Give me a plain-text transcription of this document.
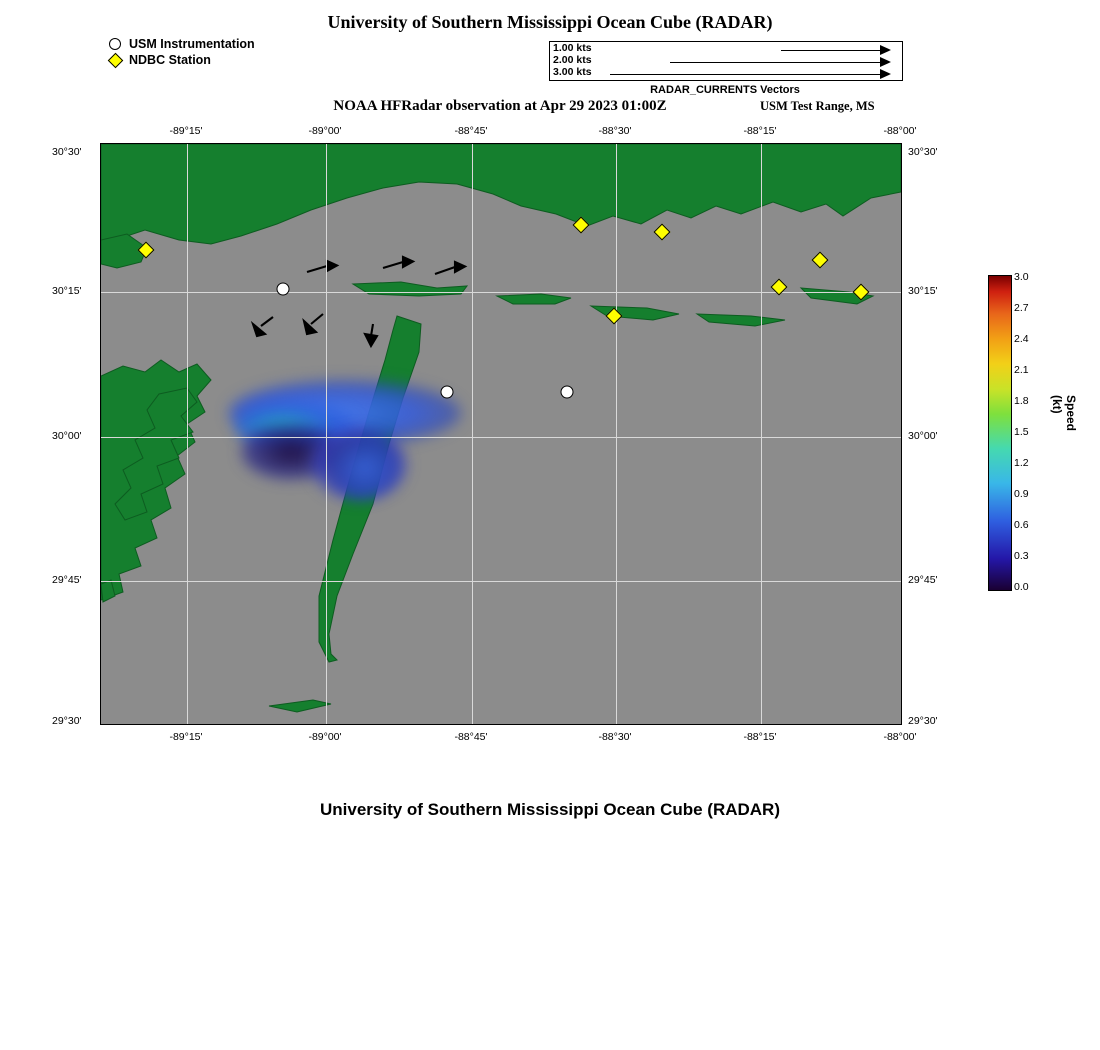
University of Southern Mississippi Ocean Cube (RADAR)
NOAA HFRadar observation at Apr 29 2023 01:00Z	USM Test Range, MS
University of Southern Mississippi Ocean Cube (RADAR)
USM Instrumentation
NDBC Station
1.00 kts
2.00 kts
3.00 kts
RADAR_CURRENTS Vectors
-89°15'	-89°00'	-88°45'	-88°30'	-88°15'	-88°00'
-89°15'	-89°00'	-88°45'	-88°30'	-88°15'	-88°00'
30°30'
30°15'
30°00'
29°45'
29°30'
30°30'
30°15'
30°00'
29°45'
29°30'
3.0
2.7
2.4
2.1
1.8
1.5
1.2
0.9
0.6
0.3
0.0
Speed (kt)
